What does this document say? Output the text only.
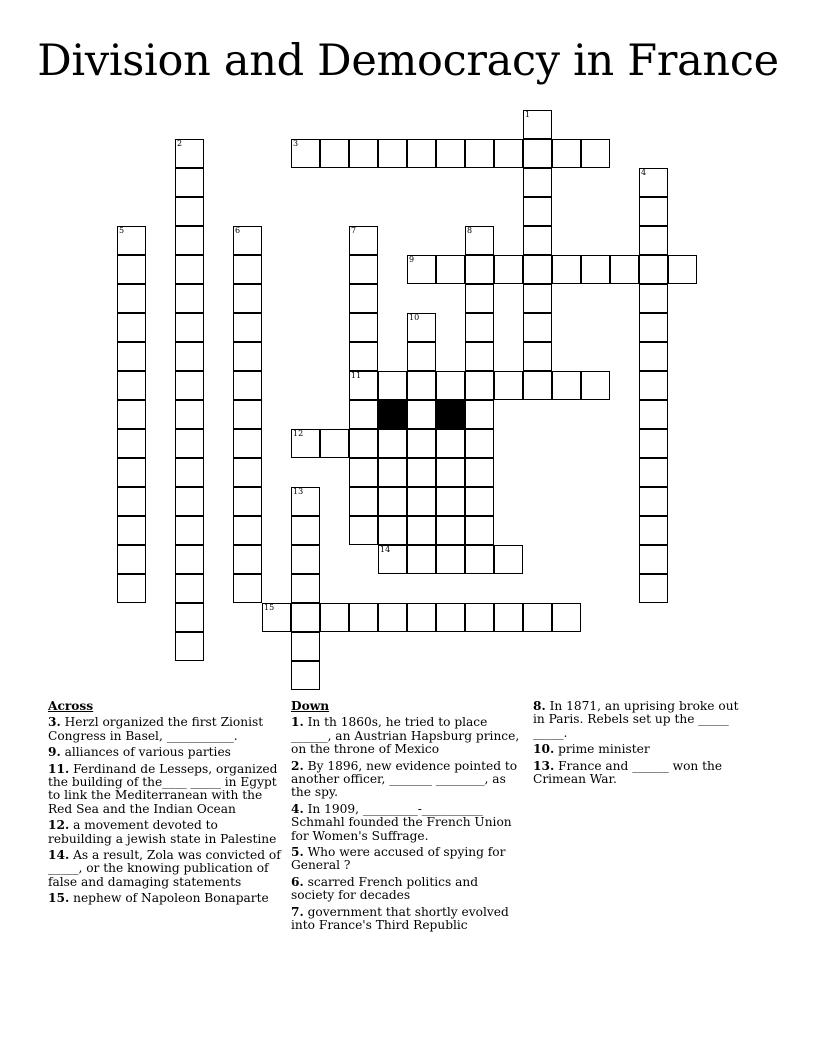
Division and Democracy in France
3
9
11
12
14
15
1
2
4
5	6	7	8
10
13
Across
3. Herzl organized the first Zionist Congress in Basel, ___________.
9. alliances of various parties
11. Ferdinand de Lesseps, organized the building of the____ _____ in Egypt to link the Mediterranean with the Red Sea and the Indian Ocean
12. a movement devoted to rebuilding a jewish state in Palestine
14. As a result, Zola was convicted of _____, or the knowing publication of false and damaging statements
15. nephew of Napoleon Bonaparte
Down
1. In th 1860s, he tried to place ______, an Austrian Hapsburg prince, on the throne of Mexico
2. By 1896, new evidence pointed to another officer, _______ ________, as the spy.
4. In 1909, _________-__________ Schmahl founded the French Union for Women's Suffrage.
5. Who were accused of spying for General ?
6. scarred French politics and society for decades
7. government that shortly evolved into France's Third Republic
8. In 1871, an uprising broke out in Paris. Rebels set up the _____ _____.
10. prime minister
13. France and ______ won the Crimean War.
